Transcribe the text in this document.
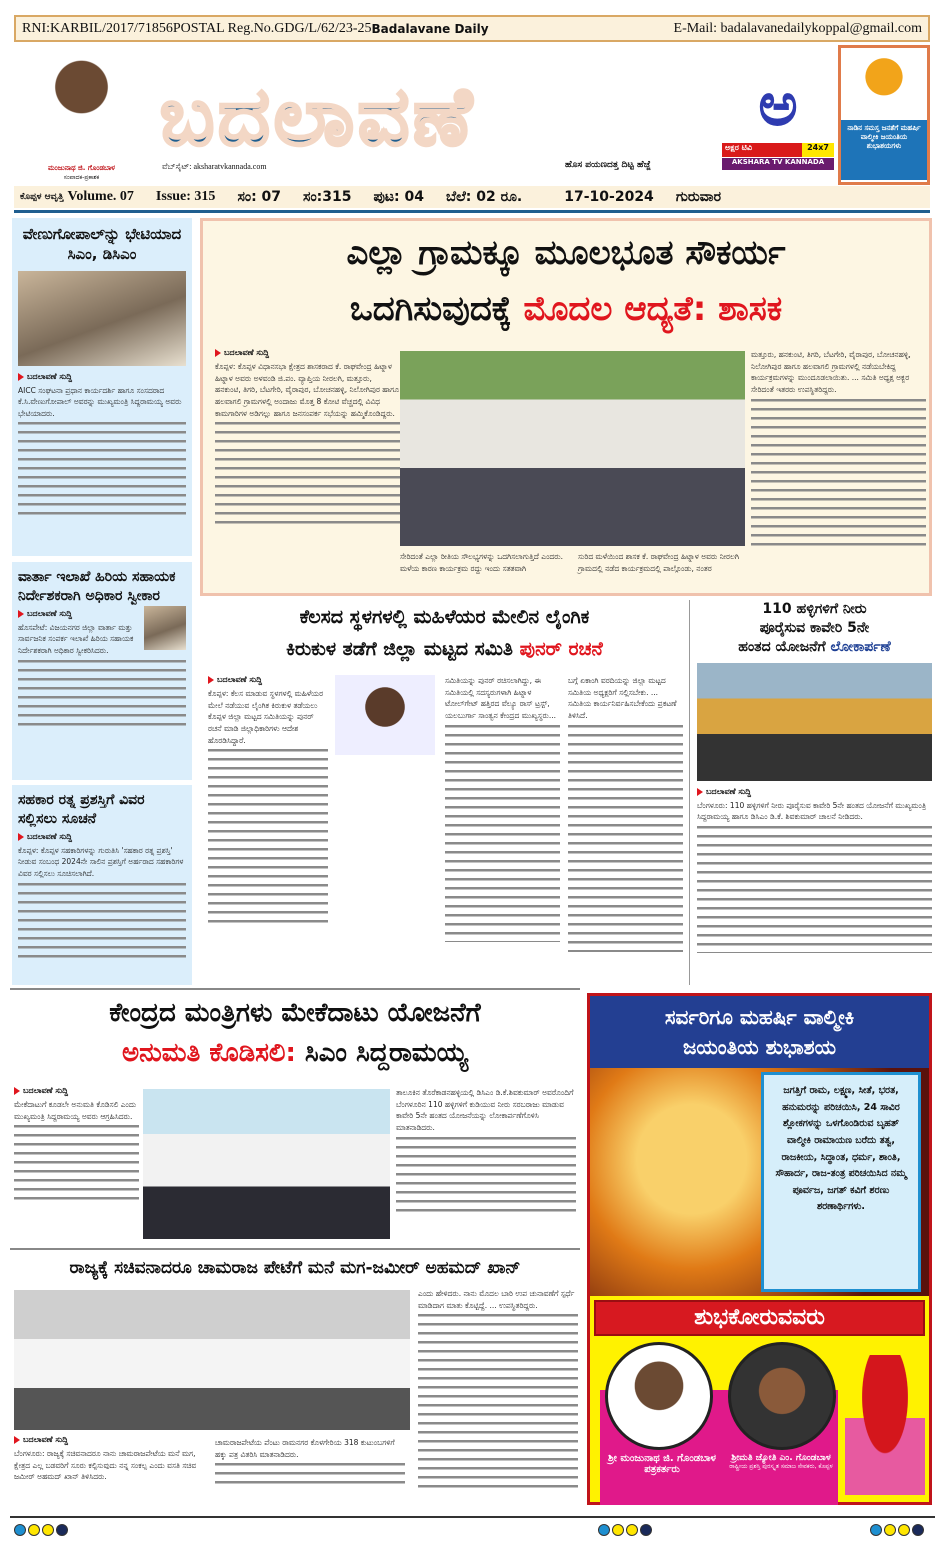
RNI:KARBIL/2017/71856 POSTAL Reg.No.GDG/L/62/23-25 Badalavane Daily	E-Mail: badalavanedailykoppal@gmail.com
ಮಂಜುನಾಥ ಜಿ. ಗೊಂಡಬಾಳ
ಸಂಪಾದಕ-ಪ್ರಕಾಶಕ
ಬದಲಾವಣೆ
ವೆಬ್‌ಸೈಟ್: aksharatvkannada.com	ಹೊಸ ಪಯಣದತ್ತ ದಿಟ್ಟ ಹೆಜ್ಜೆ
ಅ
ಅಕ್ಷರ ಟಿವಿ	24x7
AKSHARA TV KANNADA
ನಾಡಿನ ಸಮಸ್ತ ಜನತೆಗೆ ಮಹರ್ಷಿ ವಾಲ್ಮೀಕಿ ಜಯಂತಿಯ ಶುಭಾಶಯಗಳು
ಕೊಪ್ಪಳ ಆವೃತ್ತಿ Volume. 07 Issue: 315 ಸಂ: 07 ಸಂ:315 ಪುಟ: 04 ಬೆಲೆ: 02 ರೂ.	17-10-2024 ಗುರುವಾರ
ವೇಣುಗೋಪಾಲ್‌ನ್ನು ಭೇಟಿಯಾದ ಸಿಎಂ, ಡಿಸಿಎಂ
ಬದಲಾವಣೆ ಸುದ್ದಿ
AICC ಸಂಘಟನಾ ಪ್ರಧಾನ ಕಾರ್ಯದರ್ಶಿ ಹಾಗೂ ಸಂಸದರಾದ ಕೆ.ಸಿ.ವೇಣುಗೋಪಾಲ್ ಅವರನ್ನು ಮುಖ್ಯಮಂತ್ರಿ ಸಿದ್ದರಾಮಯ್ಯ ಅವರು ಭೇಟಿಯಾದರು.
ವಾರ್ತಾ ಇಲಾಖೆ ಹಿರಿಯ ಸಹಾಯಕ ನಿರ್ದೇಶಕರಾಗಿ ಅಧಿಕಾರ ಸ್ವೀಕಾರ
ಬದಲಾವಣೆ ಸುದ್ದಿ
ಹೊಸಪೇಟೆ: ವಿಜಯನಗರ ಜಿಲ್ಲಾ ವಾರ್ತಾ ಮತ್ತು ಸಾರ್ವಜನಿಕ ಸಂಪರ್ಕ ಇಲಾಖೆ ಹಿರಿಯ ಸಹಾಯಕ ನಿರ್ದೇಶಕರಾಗಿ ಅಧಿಕಾರ ಸ್ವೀಕರಿಸಿದರು.
ಸಹಕಾರ ರತ್ನ ಪ್ರಶಸ್ತಿಗೆ ವಿವರ ಸಲ್ಲಿಸಲು ಸೂಚನೆ
ಬದಲಾವಣೆ ಸುದ್ದಿ
ಕೊಪ್ಪಳ: ಕೊಪ್ಪಳ ಸಹಕಾರಿಗಳನ್ನು ಗುರುತಿಸಿ 'ಸಹಕಾರ ರತ್ನ ಪ್ರಶಸ್ತಿ' ನೀಡುವ ಸಂಬಂಧ 2024ನೇ ಸಾಲಿನ ಪ್ರಶಸ್ತಿಗೆ ಅರ್ಹರಾದ ಸಹಕಾರಿಗಳ ವಿವರ ಸಲ್ಲಿಸಲು ಸೂಚಿಸಲಾಗಿದೆ.
ಎಲ್ಲಾ ಗ್ರಾಮಕ್ಕೂ ಮೂಲಭೂತ ಸೌಕರ್ಯ
ಒದಗಿಸುವುದಕ್ಕೆ ಮೊದಲ ಆದ್ಯತೆ: ಶಾಸಕ
ಬದಲಾವಣೆ ಸುದ್ದಿ
ಕೊಪ್ಪಳ: ಕೊಪ್ಪಳ ವಿಧಾನಸಭಾ ಕ್ಷೇತ್ರದ ಶಾಸಕರಾದ ಕೆ. ರಾಘವೇಂದ್ರ ಹಿಟ್ನಾಳ ಹಿಟ್ನಾಳ ಅವರು ಅಳವಂಡಿ ಜಿ.ಪಂ. ವ್ಯಾಪ್ತಿಯ ನೀರಲಗಿ, ಮತ್ತೂರು, ಹನಕುಂಟಿ, ತಿಗರಿ, ಬೆಟಗೇರಿ, ವೈರಾಪುರ, ಬೋಚನಹಳ್ಳಿ, ನಿಲೋಗಿಪುರ ಹಾಗೂ ಹಲವಾಗಲಿ ಗ್ರಾಮಗಳಲ್ಲಿ ಅಂದಾಜು ಮೊತ್ತ 8 ಕೋಟಿ ವೆಚ್ಚದಲ್ಲಿ ವಿವಿಧ ಕಾಮಗಾರಿಗಳ ಅಡಿಗಲ್ಲು ಹಾಗೂ ಜನಸಂಪರ್ಕ ಸಭೆಯನ್ನು ಹಮ್ಮಿಕೊಂಡಿದ್ದರು.
ಸೇರಿದಂತೆ ಎಲ್ಲಾ ರೀತಿಯ ಸೌಲಭ್ಯಗಳನ್ನು ಒದಗಿಸಲಾಗುತ್ತಿದೆ ಎಂದರು. ಮಳೆಯ ಕಾರಣ ಕಾರ್ಯಕ್ರಮ ರದ್ದು ಇಂದು ಸತತವಾಗಿ
ಸುರಿದ ಮಳೆಯಿಂದ ಶಾಸಕ ಕೆ. ರಾಘವೇಂದ್ರ ಹಿಟ್ನಾಳ ಅವರು ನೀರಲಗಿ ಗ್ರಾಮದಲ್ಲಿ ನಡೆದ ಕಾರ್ಯಕ್ರಮದಲ್ಲಿ ಪಾಲ್ಗೊಂಡು, ನಂತರ
ಮತ್ತೂರು, ಹನಕುಂಟಿ, ತಿಗರಿ, ಬೆಟಗೇರಿ, ವೈರಾಪುರ, ಬೋಚನಹಳ್ಳಿ, ನಿಲೋಗಿಪುರ ಹಾಗೂ ಹಲವಾಗಲಿ ಗ್ರಾಮಗಳಲ್ಲಿ ನಡೆಯಬೇಕಿದ್ದ ಕಾರ್ಯಕ್ರಮಗಳನ್ನು ಮುಂದೂಡಲಾಯಿತು. ... ಸಮಿತಿ ಅಧ್ಯಕ್ಷ ಅಕ್ಬರ ಸೇರಿದಂತೆ ಇತರರು ಉಪಸ್ಥಿತರಿದ್ದರು.
ಕೆಲಸದ ಸ್ಥಳಗಳಲ್ಲಿ ಮಹಿಳೆಯರ ಮೇಲಿನ ಲೈಂಗಿಕ
ಕಿರುಕುಳ ತಡೆಗೆ ಜಿಲ್ಲಾ ಮಟ್ಟದ ಸಮಿತಿ ಪುನರ್ ರಚನೆ
ಬದಲಾವಣೆ ಸುದ್ದಿ
ಕೊಪ್ಪಳ: ಕೆಲಸ ಮಾಡುವ ಸ್ಥಳಗಳಲ್ಲಿ ಮಹಿಳೆಯರ ಮೇಲೆ ನಡೆಯುವ ಲೈಂಗಿಕ ಕಿರುಕುಳ ತಡೆಯಲು ಕೊಪ್ಪಳ ಜಿಲ್ಲಾ ಮಟ್ಟದ ಸಮಿತಿಯನ್ನು ಪುನರ್ ರಚನೆ ಮಾಡಿ ಜಿಲ್ಲಾಧಿಕಾರಿಗಳು ಆದೇಶ ಹೊರಡಿಸಿದ್ದಾರೆ.
ಸಮಿತಿಯನ್ನು ಪುನರ್ ರಚಿಸಲಾಗಿದ್ದು, ಈ ಸಮಿತಿಯಲ್ಲಿ ಸದಸ್ಯರುಗಳಾಗಿ ಹಿಟ್ನಾಳ ಟೋಲ್‌ಗೇಟ್ ಹತ್ತಿರದ ವೆಲ್ಯೂ ರಾಸ್ ಟ್ರಸ್ಟ್, ಯಲಬುರ್ಗಾ ಸಾಂತ್ವನ ಕೇಂದ್ರದ ಮುಖ್ಯಸ್ಥರು...
ಬಗ್ಗೆ ಏಕಾಂಗಿ ವರದಿಯನ್ನು ಜಿಲ್ಲಾ ಮಟ್ಟದ ಸಮಿತಿಯ ಅಧ್ಯಕ್ಷರಿಗೆ ಸಲ್ಲಿಸಬೇಕು. ... ಸಮಿತಿಯ ಕಾರ್ಯನಿರ್ವಹಿಸಬೇಕೆಂದು ಪ್ರಕಟಣೆ ತಿಳಿಸಿದೆ.
110 ಹಳ್ಳಿಗಳಿಗೆ ನೀರು
ಪೂರೈಸುವ ಕಾವೇರಿ 5ನೇ
ಹಂತದ ಯೋಜನೆಗೆ ಲೋಕಾರ್ಪಣೆ
ಬದಲಾವಣೆ ಸುದ್ದಿ
ಬೆಂಗಳೂರು: 110 ಹಳ್ಳಿಗಳಿಗೆ ನೀರು ಪೂರೈಸುವ ಕಾವೇರಿ 5ನೇ ಹಂತದ ಯೋಜನೆಗೆ ಮುಖ್ಯಮಂತ್ರಿ ಸಿದ್ದರಾಮಯ್ಯ ಹಾಗೂ ಡಿಸಿಎಂ ಡಿ.ಕೆ. ಶಿವಕುಮಾರ್ ಚಾಲನೆ ನೀಡಿದರು.
ಕೇಂದ್ರದ ಮಂತ್ರಿಗಳು ಮೇಕೆದಾಟು ಯೋಜನೆಗೆ
ಅನುಮತಿ ಕೊಡಿಸಲಿ: ಸಿಎಂ ಸಿದ್ದರಾಮಯ್ಯ
ಬದಲಾವಣೆ ಸುದ್ದಿ
ಮೇಕೆದಾಟುಗೆ ಕೂಡಲೇ ಅನುಮತಿ ಕೊಡಿಸಲಿ ಎಂದು ಮುಖ್ಯಮಂತ್ರಿ ಸಿದ್ದರಾಮಯ್ಯ ಅವರು ಆಗ್ರಹಿಸಿದರು.
ತಾಲೂಕಿನ ತೊರೆಕಾಡನಹಳ್ಳಿಯಲ್ಲಿ ಡಿಸಿಎಂ ಡಿ.ಕೆ.ಶಿವಕುಮಾರ್ ಅವರೊಂದಿಗೆ ಬೆಂಗಳೂರಿನ 110 ಹಳ್ಳಿಗಳಿಗೆ ಕುಡಿಯುವ ನೀರು ಸರಬರಾಜು ಮಾಡುವ ಕಾವೇರಿ 5ನೇ ಹಂತದ ಯೋಜನೆಯನ್ನು ಲೋಕಾರ್ಪಣೆಗೊಳಿಸಿ ಮಾತನಾಡಿದರು.
ರಾಜ್ಯಕ್ಕೆ ಸಚಿವನಾದರೂ ಚಾಮರಾಜ ಪೇಟೆಗೆ ಮನೆ ಮಗ-ಜಮೀರ್ ಅಹಮದ್ ಖಾನ್
ಬದಲಾವಣೆ ಸುದ್ದಿ
ಬೆಂಗಳೂರು: ರಾಜ್ಯಕ್ಕೆ ಸಚಿವನಾದರೂ ನಾನು ಚಾಮರಾಜಪೇಟೆಯ ಮನೆ ಮಗ, ಕ್ಷೇತ್ರದ ಎಲ್ಲ ಬಡವರಿಗೆ ಸೂರು ಕಲ್ಪಿಸುವುದು ನನ್ನ ಸಂಕಲ್ಪ ಎಂದು ವಸತಿ ಸಚಿವ ಜಮೀರ್ ಅಹಮದ್ ಖಾನ್ ತಿಳಿಸಿದರು.
ಚಾಮರಾಜಪೇಟೆಯ ಪೆಂಟು ರಾಮನಗರ ಕೊಳಗೇರಿಯ 318 ಕುಟುಂಬಗಳಿಗೆ ಹಕ್ಕು ಪತ್ರ ವಿತರಿಸಿ ಮಾತನಾಡಿದರು.
ಎಂದು ಹೇಳಿದರು. ನಾನು ಮೊದಲ ಬಾರಿ ಉಪ ಚುನಾವಣೆಗೆ ಸ್ಪರ್ಧೆ ಮಾಡಿದಾಗ ಮಾತು ಕೊಟ್ಟಿದ್ದೆ. ... ಉಪಸ್ಥಿತರಿದ್ದರು.
ಸರ್ವರಿಗೂ ಮಹರ್ಷಿ ವಾಲ್ಮೀಕಿ
ಜಯಂತಿಯ ಶುಭಾಶಯ
ಜಗತ್ತಿಗೆ ರಾಮ, ಲಕ್ಷ್ಮಣ, ಸೀತೆ, ಭರತ, ಹನುಮರನ್ನು ಪರಿಚಯಿಸಿ, 24 ಸಾವಿರ ಶ್ಲೋಕಗಳನ್ನು ಒಳಗೊಂಡಿರುವ ಬೃಹತ್ ವಾಲ್ಮೀಕಿ ರಾಮಾಯಣ ಬರೆದು ತತ್ವ, ರಾಜಕೀಯ, ಸಿದ್ಧಾಂತ, ಧರ್ಮ, ಶಾಂತಿ, ಸೌಹಾರ್ದ, ರಾಜ-ತಂತ್ರ ಪರಿಚಯಿಸಿದ ನಮ್ಮ ಪೂರ್ವಜ, ಜಗತ್ ಕವಿಗೆ ಶರಣು ಶರಣಾರ್ಥಿಗಳು.
ಶುಭಕೋರುವವರು
ಶ್ರೀ ಮಂಜುನಾಥ ಜಿ. ಗೊಂಡಬಾಳ
ಪತ್ರಕರ್ತರು
ಶ್ರೀಮತಿ ಜ್ಯೋತಿ ಎಂ. ಗೊಂಡಬಾಳ
ರಾಷ್ಟ್ರೀಯ ಪ್ರಶಸ್ತಿ ಪುರಸ್ಕೃತ ಸಮಾಜ ಸೇವಕರು, ಕೊಪ್ಪಳ
